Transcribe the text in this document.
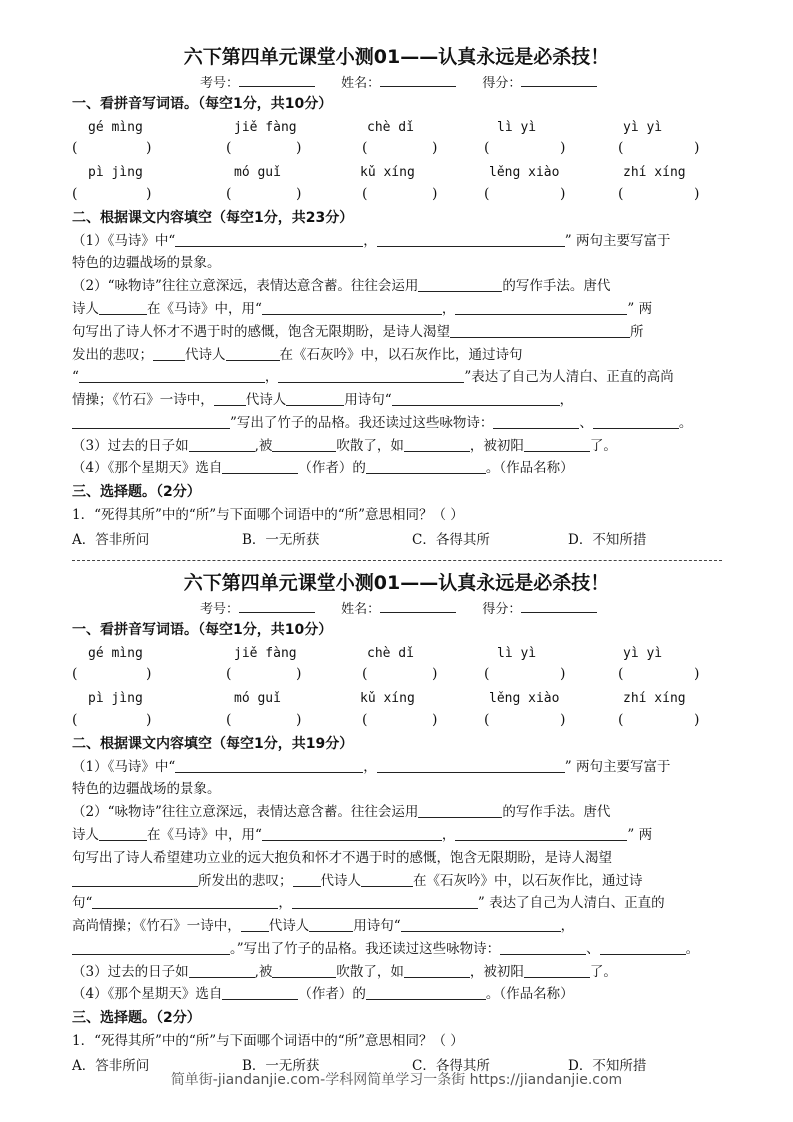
六下第四单元课堂小测01——认真永远是必杀技！
考号：	姓名：	得分：
一、看拼音写词语。（每空1分，共10分）
gé mìng	jiě fàng	chè dǐ	lì yì	yì yì
(	)	(	)	(	)	(	)	(	)
pì jìng	mó guǐ	kǔ xíng	lěng xiào	zhí xíng
(	)	(	)	(	)	(	)	(	)
二、根据课文内容填空（每空1分，共23分）
（1）《马诗》中“	，	” 两句主要写富于
特色的边疆战场的景象。
（2）“咏物诗”往往立意深远，表情达意含蓄。往往会运用	的写作手法。唐代
诗人	在《马诗》中，用“	，	” 两
句写出了诗人怀才不遇于时的感慨，饱含无限期盼，是诗人渴望	所
发出的悲叹； 代诗人	在《石灰吟》中，以石灰作比，通过诗句
“	，	”表达了自己为人清白、正直的高尚
情操；《竹石》一诗中， 代诗人	用诗句“	，
”写出了竹子的品格。我还读过这些咏物诗：	、	。
（3）过去的日子如	,被	吹散了，如	，被初阳	了。
（4）《那个星期天》选自	（作者）的	。（作品名称）
三、选择题。（2分）
1．“死得其所”中的“所”与下面哪个词语中的“所”意思相同？（ ）
A．答非所问	B．一无所获	C．各得其所	D．不知所措
六下第四单元课堂小测01——认真永远是必杀技！
考号：	姓名：	得分：
一、看拼音写词语。（每空1分，共10分）
gé mìng	jiě fàng	chè dǐ	lì yì	yì yì
(	)	(	)	(	)	(	)	(	)
pì jìng	mó guǐ	kǔ xíng	lěng xiào	zhí xíng
(	)	(	)	(	)	(	)	(	)
二、根据课文内容填空（每空1分，共19分）
（1）《马诗》中“	，	” 两句主要写富于
特色的边疆战场的景象。
（2）“咏物诗”往往立意深远，表情达意含蓄。往往会运用	的写作手法。唐代
诗人	在《马诗》中，用“	，	” 两
句写出了诗人希望建功立业的远大抱负和怀才不遇于时的感慨，饱含无限期盼，是诗人渴望
所发出的悲叹； 代诗人	在《石灰吟》中，以石灰作比，通过诗
句“	，	” 表达了自己为人清白、正直的
高尚情操；《竹石》一诗中， 代诗人	用诗句“	，
。”写出了竹子的品格。我还读过这些咏物诗：	、	。
（3）过去的日子如	,被	吹散了，如	，被初阳	了。
（4）《那个星期天》选自	（作者）的	。（作品名称）
三、选择题。（2分）
1．“死得其所”中的“所”与下面哪个词语中的“所”意思相同？（ ）
A．答非所问	B．一无所获	C．各得其所	D．不知所措
简单街-jiandanjie.com-学科网简单学习一条街 https://jiandanjie.com
